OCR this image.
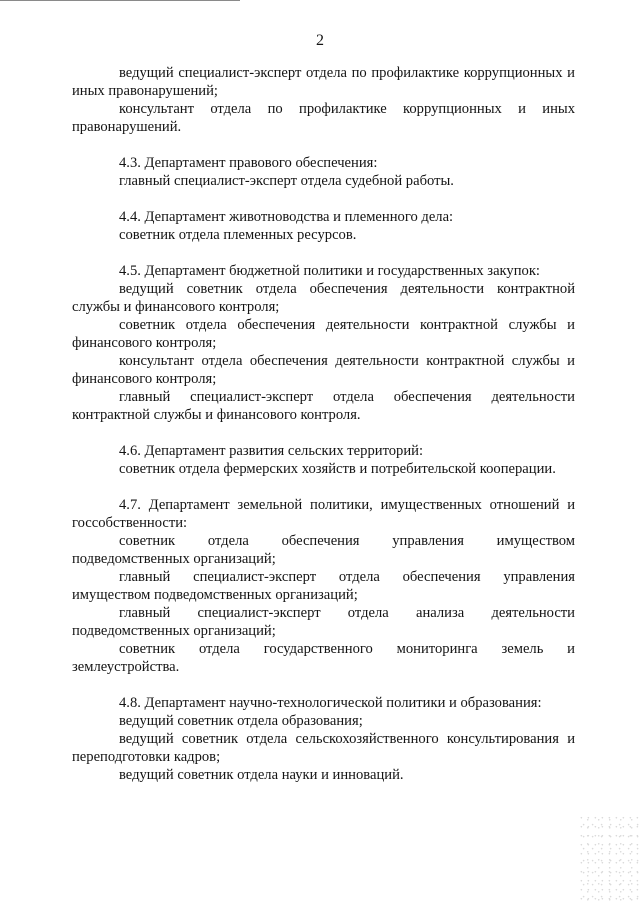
2

ведущий специалист-эксперт отдела по профилактике коррупционных и иных правонарушений;

консультант отдела по профилактике коррупционных и иных правонарушений.

4.3. Департамент правового обеспечения:

главный специалист-эксперт отдела судебной работы.

4.4. Департамент животноводства и племенного дела:

советник отдела племенных ресурсов.

4.5. Департамент бюджетной политики и государственных закупок:

ведущий советник отдела обеспечения деятельности контрактной службы и финансового контроля;

советник отдела обеспечения деятельности контрактной службы и финансового контроля;

консультант отдела обеспечения деятельности контрактной службы и финансового контроля;

главный специалист-эксперт отдела обеспечения деятельности контрактной службы и финансового контроля.

4.6. Департамент развития сельских территорий:

советник отдела фермерских хозяйств и потребительской кооперации.

4.7. Департамент земельной политики, имущественных отношений и госсобственности:

советник отдела обеспечения управления имуществом подведомственных организаций;

главный специалист-эксперт отдела обеспечения управления имуществом подведомственных организаций;

главный специалист-эксперт отдела анализа деятельности подведомственных организаций;

советник отдела государственного мониторинга земель и землеустройства.

4.8. Департамент научно-технологической политики и образования:

ведущий советник отдела образования;

ведущий советник отдела сельскохозяйственного консультирования и переподготовки кадров;

ведущий советник отдела науки и инноваций.
